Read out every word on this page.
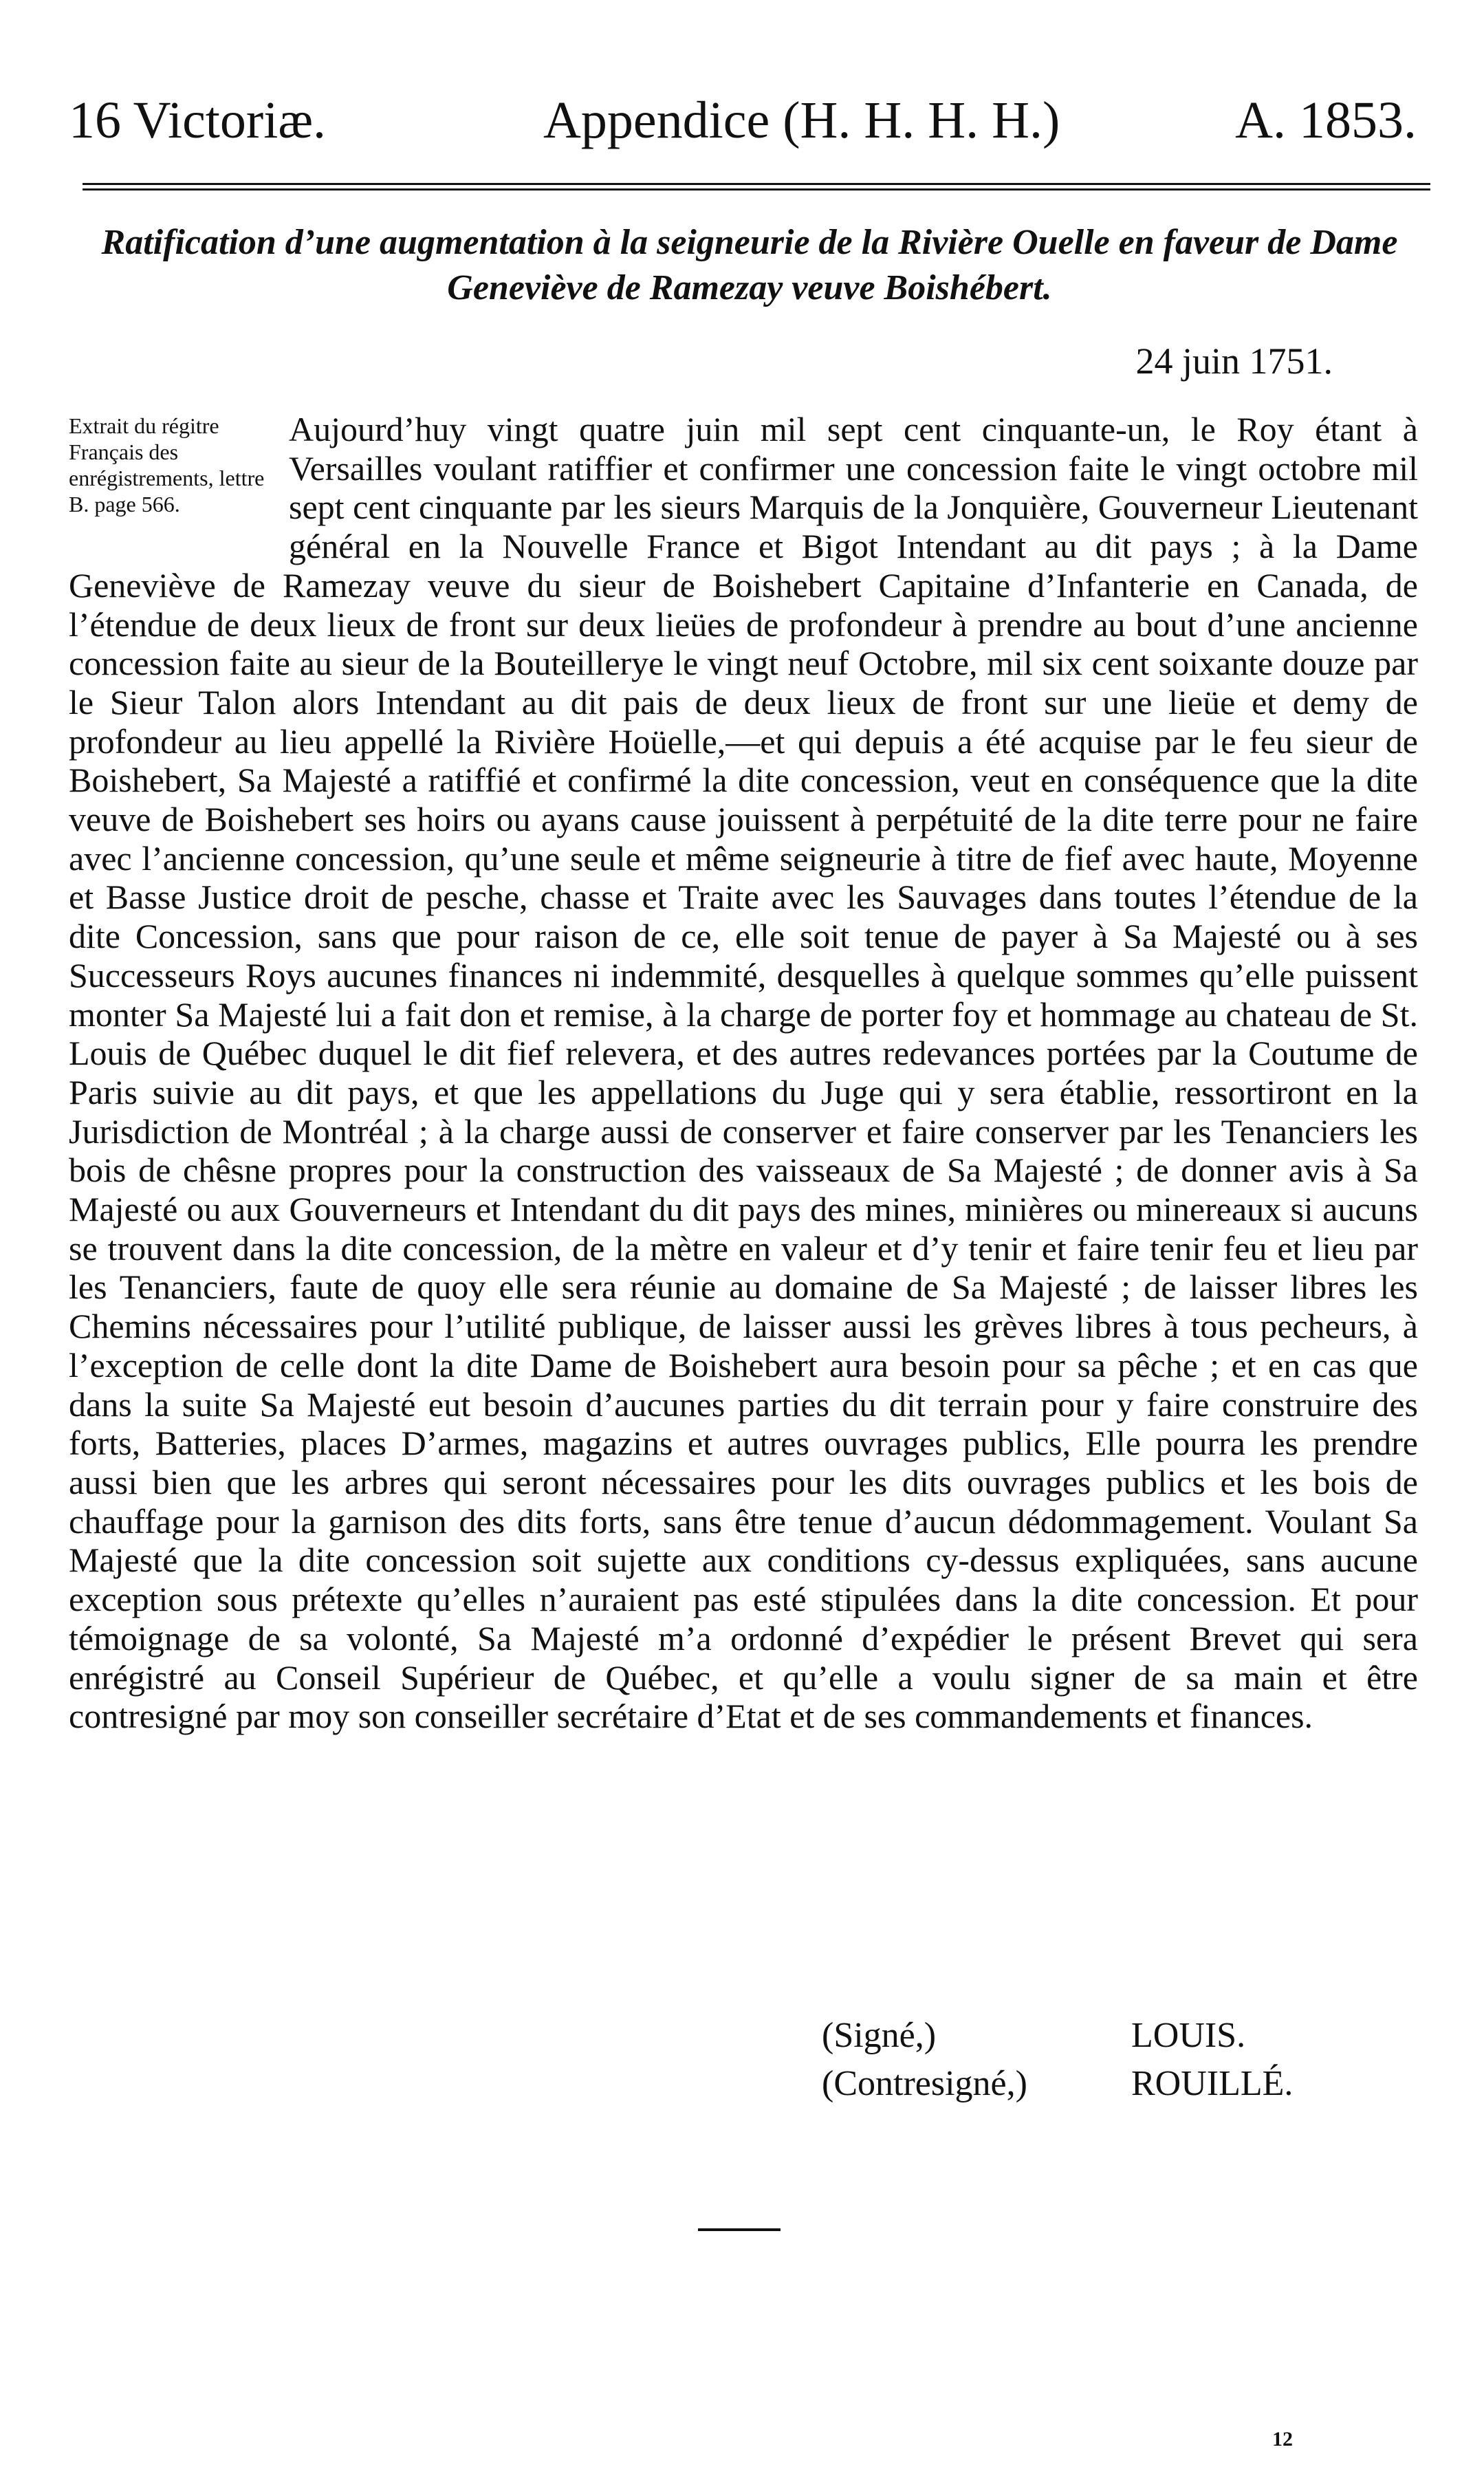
16 Victoriæ.	Appendice (H. H. H. H.)	A. 1853.
Ratification d’une augmentation à la seigneurie de la Rivière Ouelle en faveur de Dame Geneviève de Ramezay veuve Boishébert.
24 juin 1751.
Extrait du régitre Français des enrégistrements, lettre B. page 566.
Aujourd’huy vingt quatre juin mil sept cent cinquante-un, le Roy étant à Versailles voulant ratiffier et confirmer une concession faite le vingt octobre mil sept cent cinquante par les sieurs Marquis de la Jonquière, Gouverneur Lieutenant général en la Nouvelle France et Bigot Intendant au dit pays ; à la Dame Geneviève de Ramezay veuve du sieur de Boishebert Capitaine d’Infanterie en Canada, de l’étendue de deux lieux de front sur deux lieües de profondeur à prendre au bout d’une ancienne concession faite au sieur de la Bouteilleryе le vingt neuf Octobre, mil six cent soixante douze par le Sieur Talon alors Intendant au dit pais de deux lieux de front sur une lieüe et demy de profondeur au lieu appellé la Rivière Hoüelle,—et qui depuis a été acquise par le feu sieur de Boishebert, Sa Majesté a ratiffié et confirmé la dite concession, veut en conséquence que la dite veuve de Boishebert ses hoirs ou ayans cause jouissent à perpétuité de la dite terre pour ne faire avec l’ancienne concession, qu’une seule et même seigneurie à titre de fief avec haute, Moyenne et Basse Justice droit de pesche, chasse et Traite avec les Sauvages dans toutes l’étendue de la dite Concession, sans que pour raison de ce, elle soit tenue de payer à Sa Majesté ou à ses Successeurs Roys aucunes finances ni indemmité, desquelles à quelque sommes qu’elle puissent monter Sa Majesté lui a fait don et remise, à la charge de porter foy et hommage au chateau de St. Louis de Québec duquel le dit fief relevera, et des autres redevances portées par la Coutume de Paris suivie au dit pays, et que les appellations du Juge qui y sera établie, ressortiront en la Jurisdiction de Montréal ; à la charge aussi de conserver et faire conserver par les Tenanciers les bois de chêsne propres pour la construction des vaisseaux de Sa Majesté ; de donner avis à Sa Majesté ou aux Gouverneurs et Intendant du dit pays des mines, minières ou minereaux si aucuns se trouvent dans la dite concession, de la mètre en valeur et d’y tenir et faire tenir feu et lieu par les Tenanciers, faute de quoy elle sera réunie au domaine de Sa Majesté ; de laisser libres les Chemins nécessaires pour l’utilité publique, de laisser aussi les grèves libres à tous pecheurs, à l’exception de celle dont la dite Dame de Boishebert aura besoin pour sa pêche ; et en cas que dans la suite Sa Majesté eut besoin d’aucunes parties du dit terrain pour y faire construire des forts, Batteries, places D’armes, magazins et autres ouvrages publics, Elle pourra les prendre aussi bien que les arbres qui seront nécessaires pour les dits ouvrages publics et les bois de chauffage pour la garnison des dits forts, sans être tenue d’aucun dédommagement. Voulant Sa Majesté que la dite concession soit sujette aux conditions cy-dessus expliquées, sans aucune exception sous prétexte qu’elles n’auraient pas esté stipulées dans la dite concession. Et pour témoignage de sa volonté, Sa Majesté m’a ordonné d’expédier le présent Brevet qui sera enrégistré au Conseil Supérieur de Québec, et qu’elle a voulu signer de sa main et être contresigné par moy son conseiller secrétaire d’Etat et de ses commandements et finances.
(Signé,)	LOUIS.
(Contresigné,)	ROUILLÉ.
12
